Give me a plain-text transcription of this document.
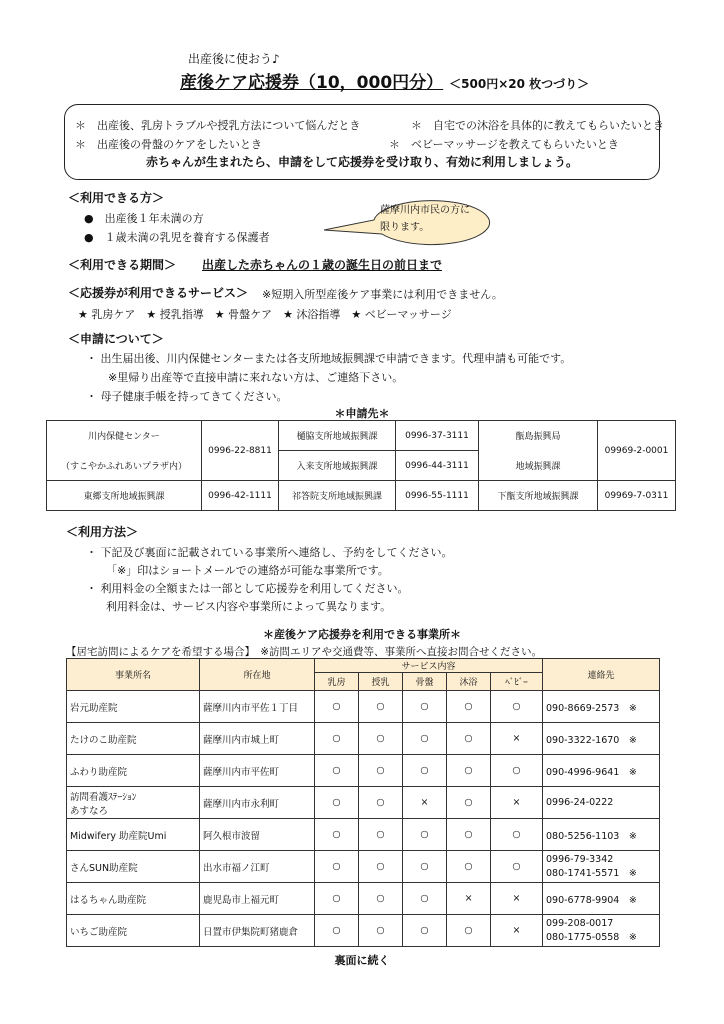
出産後に使おう♪
産後ケア応援券（10，000円分） ＜500円×20 枚つづり＞
＊　出産後、乳房トラブルや授乳方法について悩んだとき	＊　自宅での沐浴を具体的に教えてもらいたいとき
＊　出産後の骨盤のケアをしたいとき	＊　ベビーマッサージを教えてもらいたいとき
赤ちゃんが生まれたら、申請をして応援券を受け取り、有効に利用しましょう。
＜利用できる方＞
●　出産後１年未満の方
●　１歳未満の乳児を養育する保護者
薩摩川内市民の方に
限ります。
＜利用できる期間＞ 出産した赤ちゃんの１歳の誕生日の前日まで
＜応援券が利用できるサービス＞ ※短期入所型産後ケア事業には利用できません。
★ 乳房ケア　★ 授乳指導　★ 骨盤ケア　★ 沐浴指導　★ ベビーマッサージ
＜申請について＞
・ 出生届出後、川内保健センターまたは各支所地域振興課で申請できます。代理申請も可能です。
※里帰り出産等で直接申請に来れない方は、ご連絡下さい。
・ 母子健康手帳を持ってきてください。
＊申請先＊
川内保健センター	0996-22-8811	樋脇支所地域振興課	0996-37-3111	甑島振興局	09969-2-0001
（すこやかふれあいプラザ内）		入来支所地域振興課	0996-44-3111	地域振興課	
東郷支所地域振興課	0996-42-1111	祁答院支所地域振興課	0996-55-1111	下甑支所地域振興課	09969-7-0311
＜利用方法＞
・ 下記及び裏面に記載されている事業所へ連絡し、予約をしてください。
「※」印はショートメールでの連絡が可能な事業所です。
・ 利用料金の全額または一部として応援券を利用してください。
利用料金は、サービス内容や事業所によって異なります。
＊産後ケア応援券を利用できる事業所＊
【居宅訪問によるケアを希望する場合】　※訪問エリアや交通費等、事業所へ直接お問合せください。
事業所名	所在地	サービス内容					連絡先
		乳房	授乳	骨盤	沐浴	ﾍﾞﾋﾞｰ	
岩元助産院	薩摩川内市平佐１丁目	○	○	○	○	○	090-8669-2573　※
たけのこ助産院	薩摩川内市城上町	○	○	○	○	×	090-3322-1670　※
ふわり助産院	薩摩川内市平佐町	○	○	○	○	○	090-4996-9641　※
訪問看護ｽﾃｰｼｮﾝ
あすなろ	薩摩川内市永利町	○	○	×	○	×	0996-24-0222
Midwifery 助産院Umi	阿久根市波留	○	○	○	○	○	080-5256-1103　※
さんSUN助産院	出水市福ノ江町	○	○	○	○	○	0996-79-3342
080-1741-5571　※
はるちゃん助産院	鹿児島市上福元町	○	○	○	×	×	090-6778-9904　※
いちご助産院	日置市伊集院町猪鹿倉	○	○	○	○	×	099-208-0017
080-1775-0558　※
裏面に続く
